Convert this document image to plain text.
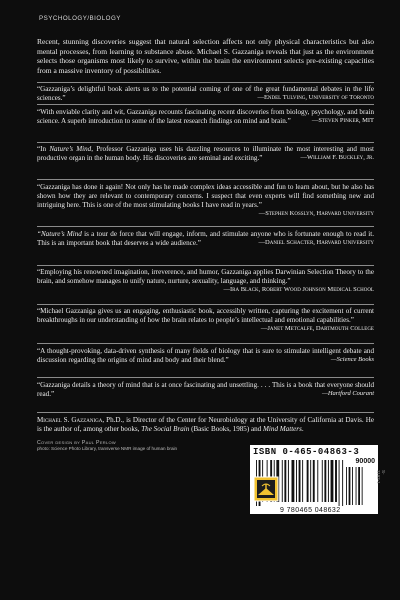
PSYCHOLOGY/BIOLOGY
Recent, stunning discoveries suggest that natural selection affects not only physical characteristics but also mental processes, from learning to substance abuse. Michael S. Gazzaniga reveals that just as the environment selects those organisms most likely to survive, within the brain the environment selects pre-existing capacities from a massive inventory of possibilities.
“Gazzaniga’s delightful book alerts us to the potential coming of one of the great fundamental debates in the life sciences.”	—Endel Tulving, University of Toronto
“With enviable clarity and wit, Gazzaniga recounts fascinating recent discoveries from biology, psychology, and brain science. A superb introduction to some of the latest research findings on mind and brain.”	—Steven Pinker, MIT
“In Nature’s Mind, Professor Gazzaniga uses his dazzling resources to illuminate the most interesting and most productive organ in the human body. His discoveries are seminal and exciting.”	—William F. Buckley, Jr.
“Gazzaniga has done it again! Not only has he made complex ideas accessible and fun to learn about, but he also has shown how they are relevant to contemporary concerns. I suspect that even experts will find something new and intriguing here. This is one of the most stimulating books I have read in years.”
—Stephen Kosslyn, Harvard University
“Nature’s Mind is a tour de force that will engage, inform, and stimulate anyone who is fortunate enough to read it. This is an important book that deserves a wide audience.”	—Daniel Schacter, Harvard University
“Employing his renowned imagination, irreverence, and humor, Gazzaniga applies Darwinian Selection Theory to the brain, and somehow manages to unify nature, nurture, sexuality, language, and thinking.”
—Ira Black, Robert Wood Johnson Medical School
“Michael Gazzaniga gives us an engaging, enthusiastic book, accessibly written, capturing the excitement of current breakthroughs in our understanding of how the brain relates to people’s intellectual and emotional capabilities.”
—Janet Metcalfe, Dartmouth College
“A thought-provoking, data-driven synthesis of many fields of biology that is sure to stimulate intelligent debate and discussion regarding the origins of mind and body and their blend.”	—Science Books
“Gazzaniga details a theory of mind that is at once fascinating and unsettling. . . . This is a book that everyone should read.”	—Hartford Courant
Michael S. Gazzaniga, Ph.D., is Director of the Center for Neurobiology at the University of California at Davis. He is the author of, among other books, The Social Brain (Basic Books, 1985) and Mind Matters.
Cover design by Paul Perlow
photo: Science Photo Library, transverse NMR image of human brain	ISBN 0-465-04863-3
90000
9 780465 048632
S-1192-1
